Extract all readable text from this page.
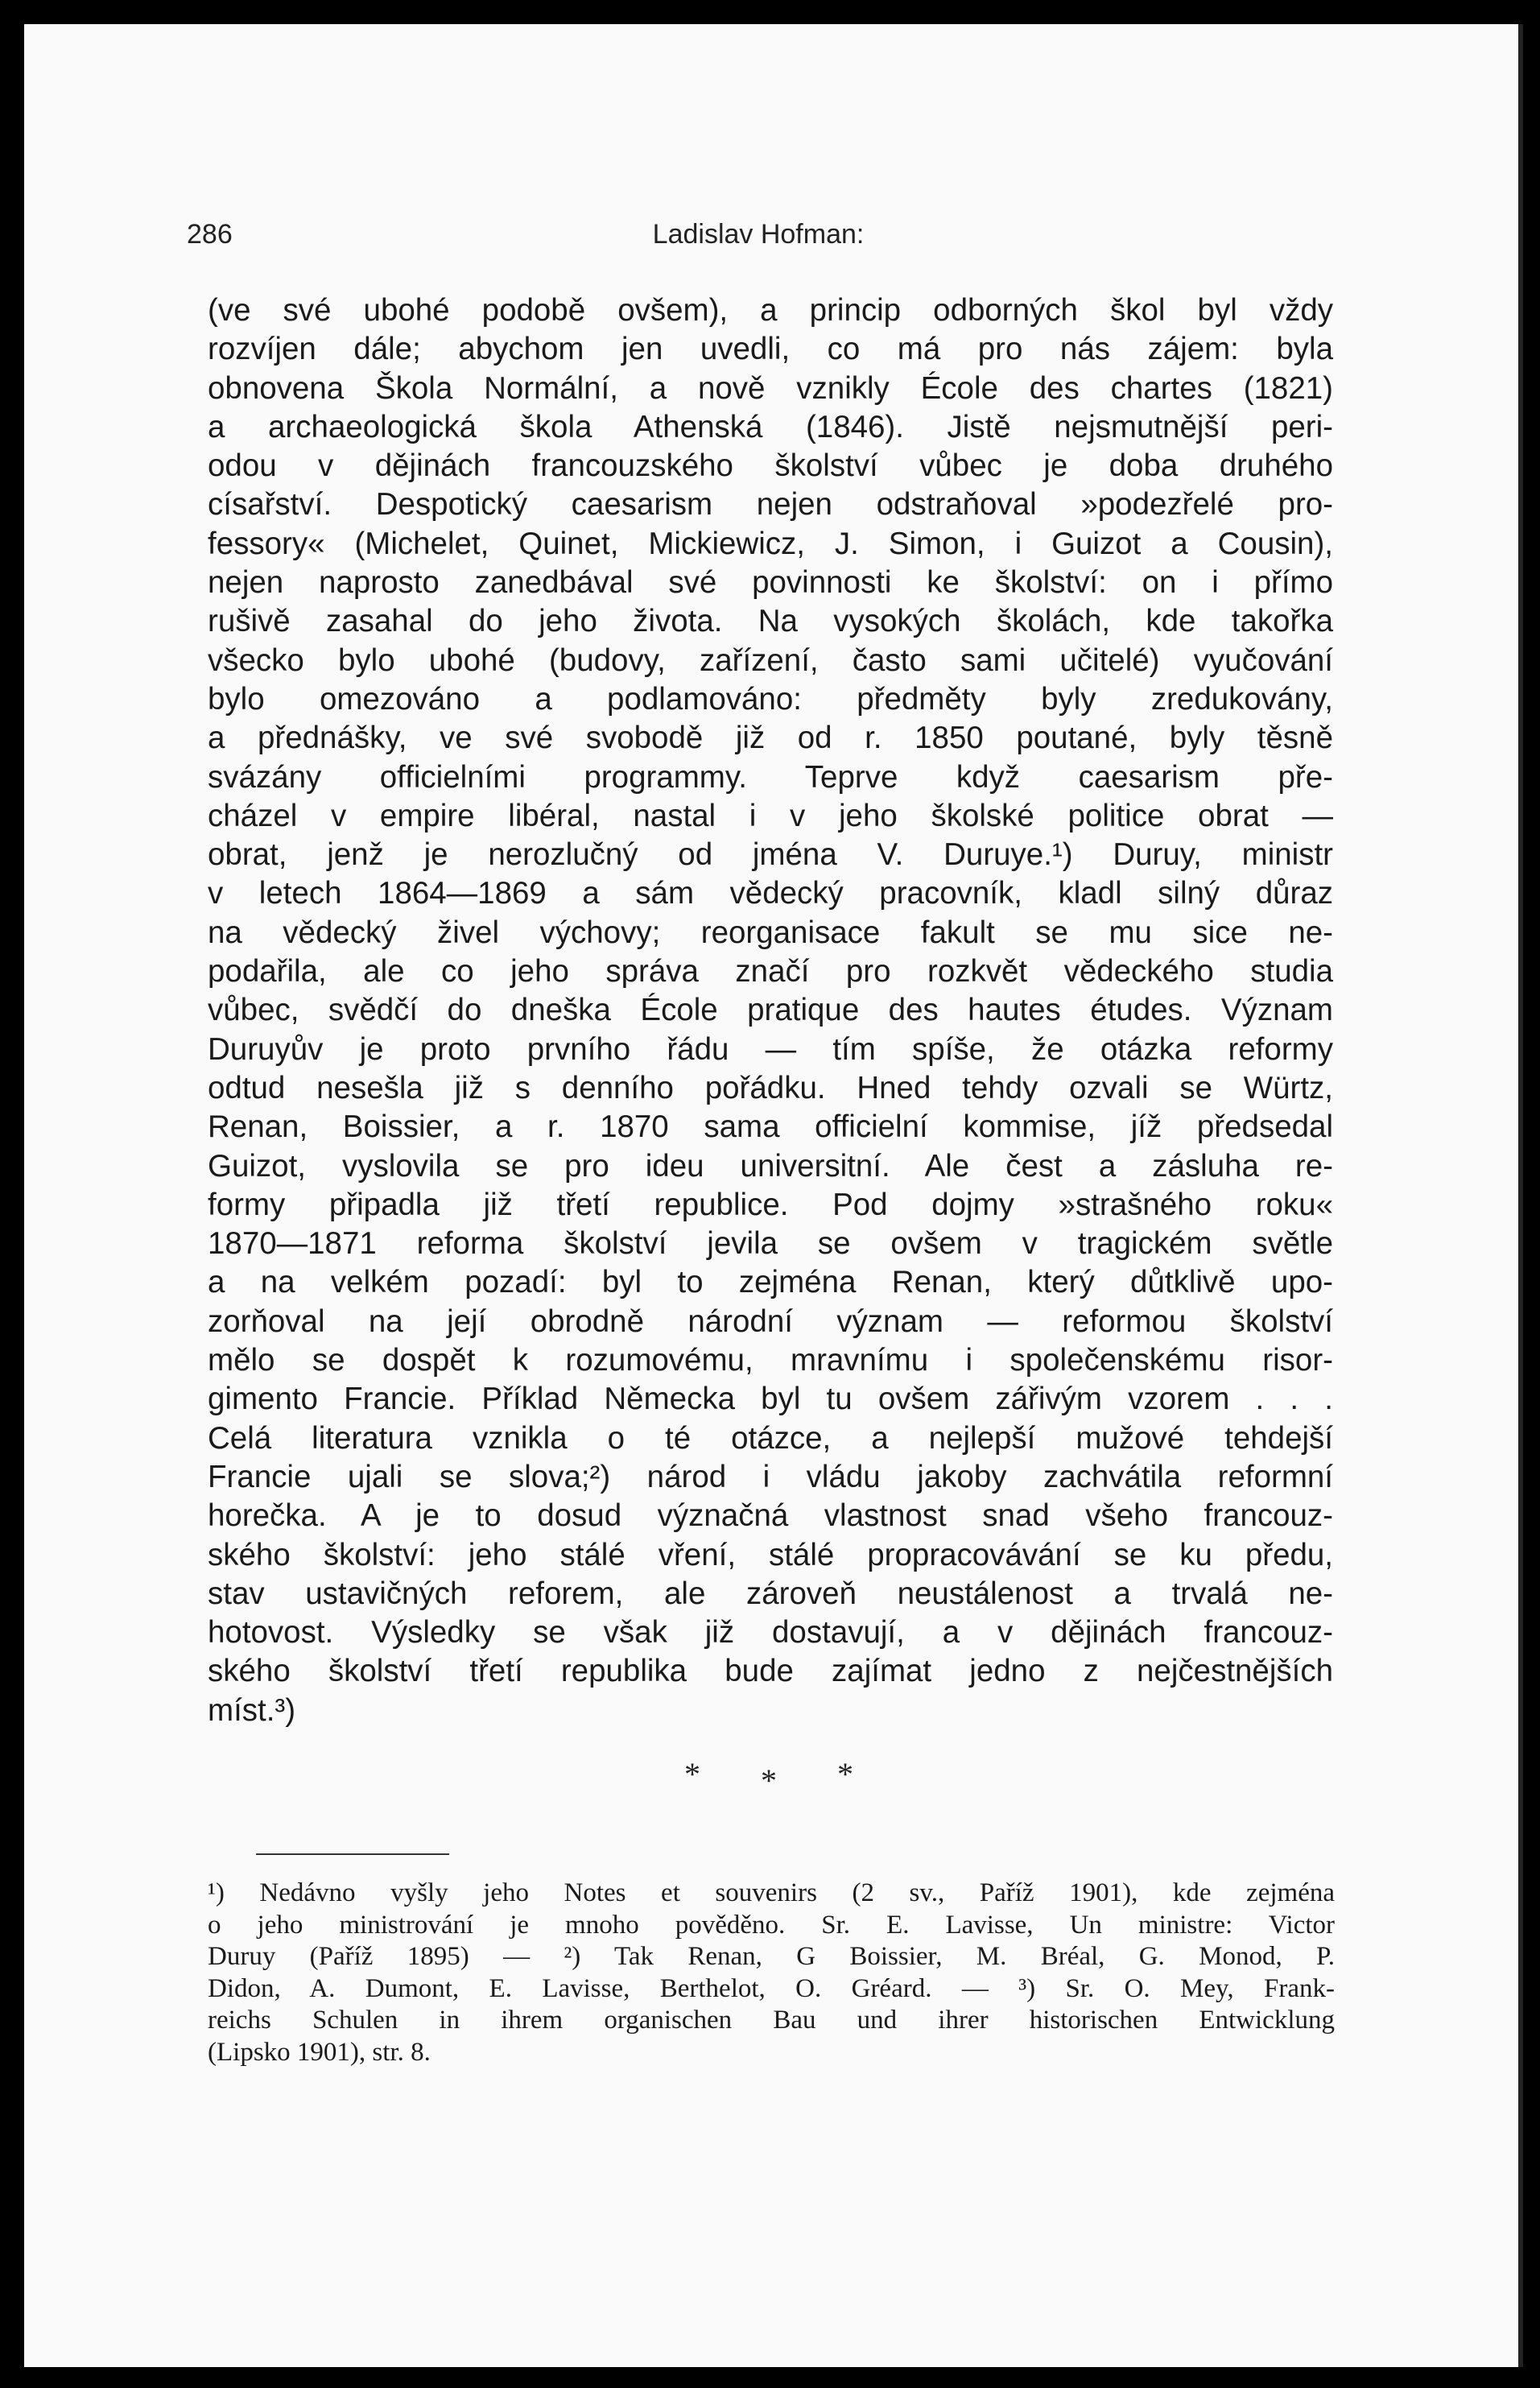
286	Ladislav Hofman:
(ve své ubohé podobě ovšem), a princip odborných škol byl vždy
rozvíjen dále; abychom jen uvedli, co má pro nás zájem: byla
obnovena Škola Normální, a nově vznikly École des chartes (1821)
a archaeologická škola Athenská (1846). Jistě nejsmutnější peri-
odou v dějinách francouzského školství vůbec je doba druhého
císařství. Despotický caesarism nejen odstraňoval »podezřelé pro-
fessory« (Michelet, Quinet, Mickiewicz, J. Simon, i Guizot a Cousin),
nejen naprosto zanedbával své povinnosti ke školství: on i přímo
rušivě zasahal do jeho života. Na vysokých školách, kde takořka
všecko bylo ubohé (budovy, zařízení, často sami učitelé) vyučování
bylo omezováno a podlamováno: předměty byly zredukovány,
a přednášky, ve své svobodě již od r. 1850 poutané, byly těsně
svázány officielními programmy. Teprve když caesarism pře-
cházel v empire libéral, nastal i v jeho školské politice obrat —
obrat, jenž je nerozlučný od jména V. Duruye.¹) Duruy, ministr
v letech 1864—1869 a sám vědecký pracovník, kladl silný důraz
na vědecký živel výchovy; reorganisace fakult se mu sice ne-
podařila, ale co jeho správa značí pro rozkvět vědeckého studia
vůbec, svědčí do dneška École pratique des hautes études. Význam
Duruyův je proto prvního řádu — tím spíše, že otázka reformy
odtud nesešla již s denního pořádku. Hned tehdy ozvali se Würtz,
Renan, Boissier, a r. 1870 sama officielní kommise, jíž předsedal
Guizot, vyslovila se pro ideu universitní. Ale čest a zásluha re-
formy připadla již třetí republice. Pod dojmy »strašného roku«
1870—1871 reforma školství jevila se ovšem v tragickém světle
a na velkém pozadí: byl to zejména Renan, který důtklivě upo-
zorňoval na její obrodně národní význam — reformou školství
mělo se dospět k rozumovému, mravnímu i společenskému risor-
gimento Francie. Příklad Německa byl tu ovšem zářivým vzorem . . .
Celá literatura vznikla o té otázce, a nejlepší mužové tehdejší
Francie ujali se slova;²) národ i vládu jakoby zachvátila reformní
horečka. A je to dosud význačná vlastnost snad všeho francouz-
ského školství: jeho stálé vření, stálé propracovávání se ku předu,
stav ustavičných reforem, ale zároveň neustálenost a trvalá ne-
hotovost. Výsledky se však již dostavují, a v dějinách francouz-
ského školství třetí republika bude zajímat jedno z nejčestnějších
míst.³)
* * *
¹) Nedávno vyšly jeho Notes et souvenirs (2 sv., Paříž 1901), kde zejména
o jeho ministrování je mnoho pověděno. Sr. E. Lavisse, Un ministre: Victor
Duruy (Paříž 1895) — ²) Tak Renan, G Boissier, M. Bréal, G. Monod, P.
Didon, A. Dumont, E. Lavisse, Berthelot, O. Gréard. — ³) Sr. O. Mey, Frank-
reichs Schulen in ihrem organischen Bau und ihrer historischen Entwicklung
(Lipsko 1901), str. 8.
